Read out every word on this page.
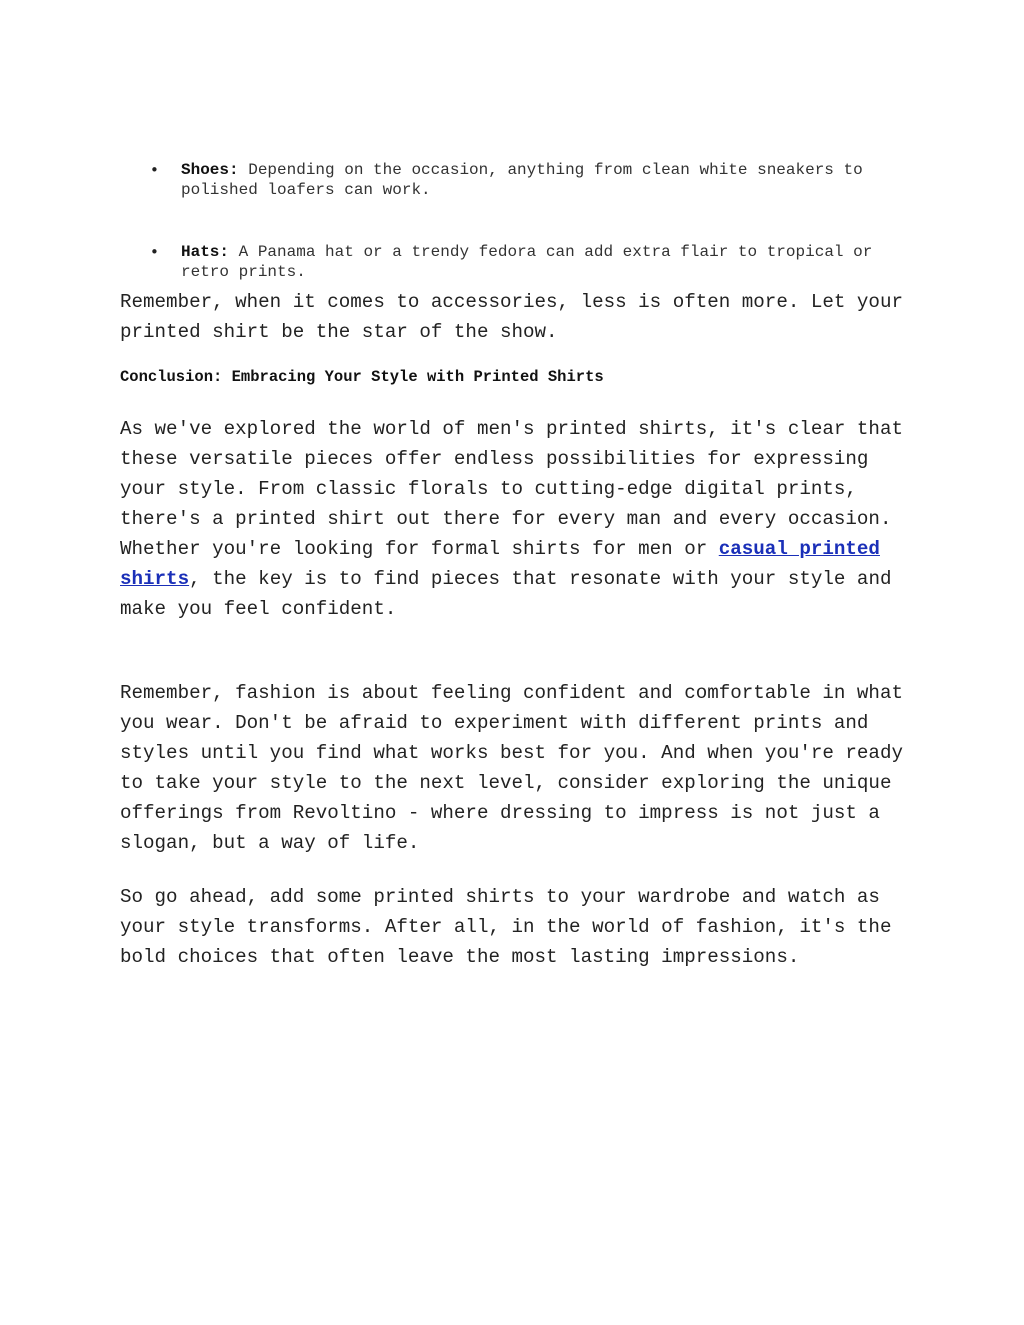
• Shoes: Depending on the occasion, anything from clean white sneakers to polished loafers can work.
• Hats: A Panama hat or a trendy fedora can add extra flair to tropical or retro prints.

Remember, when it comes to accessories, less is often more. Let your printed shirt be the star of the show.

Conclusion: Embracing Your Style with Printed Shirts

As we've explored the world of men's printed shirts, it's clear that these versatile pieces offer endless possibilities for expressing your style. From classic florals to cutting-edge digital prints, there's a printed shirt out there for every man and every occasion. Whether you're looking for formal shirts for men or casual printed shirts, the key is to find pieces that resonate with your style and make you feel confident.

Remember, fashion is about feeling confident and comfortable in what you wear. Don't be afraid to experiment with different prints and styles until you find what works best for you. And when you're ready to take your style to the next level, consider exploring the unique offerings from Revoltino - where dressing to impress is not just a slogan, but a way of life.

So go ahead, add some printed shirts to your wardrobe and watch as your style transforms. After all, in the world of fashion, it's the bold choices that often leave the most lasting impressions.
